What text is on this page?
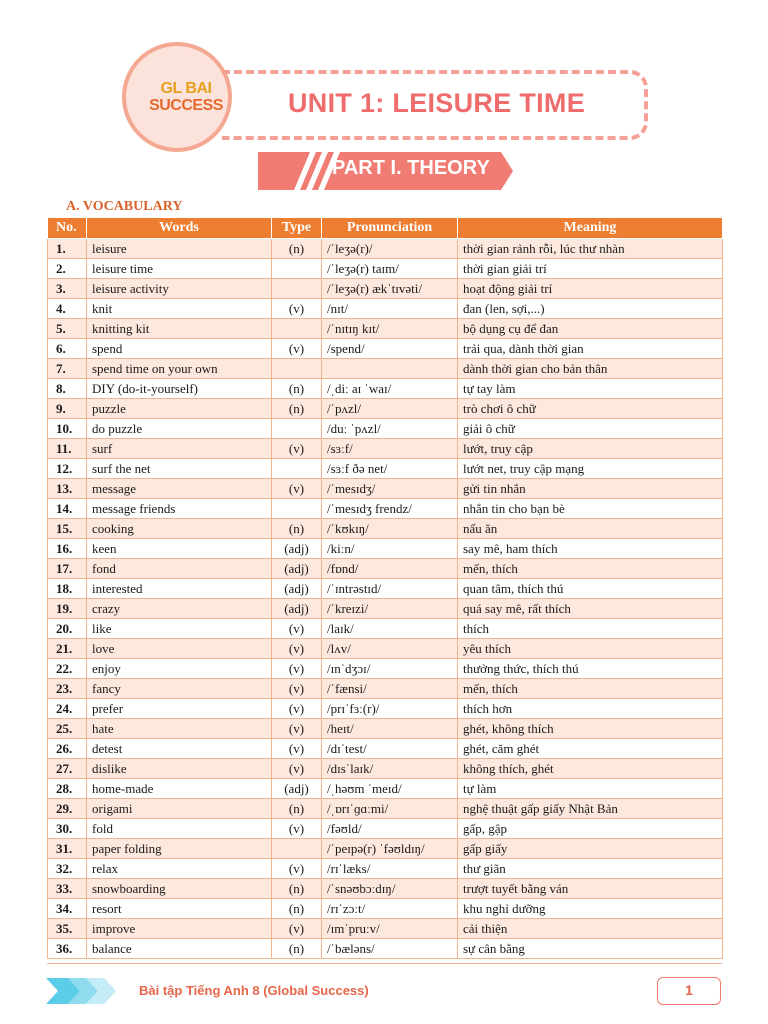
GL BAI
SUCCESS	UNIT 1: LEISURE TIME
PART I. THEORY
A. VOCABULARY
No.	Words	Type	Pronunciation	Meaning
1.	leisure	(n)	/ˈleʒə(r)/	thời gian rảnh rỗi, lúc thư nhàn
2.	leisure time		/ˈleʒə(r) taɪm/	thời gian giải trí
3.	leisure activity		/ˈleʒə(r) ækˈtɪvəti/	hoạt động giải trí
4.	knit	(v)	/nɪt/	đan (len, sợi,...)
5.	knitting kit		/ˈnɪtɪŋ kɪt/	bộ dụng cụ để đan
6.	spend	(v)	/spend/	trải qua, dành thời gian
7.	spend time on your own			dành thời gian cho bản thân
8.	DIY (do-it-yourself)	(n)	/ˌdiː aɪ ˈwaɪ/	tự tay làm
9.	puzzle	(n)	/ˈpʌzl/	trò chơi ô chữ
10.	do puzzle		/duː ˈpʌzl/	giải ô chữ
11.	surf	(v)	/sɜːf/	lướt, truy cập
12.	surf the net		/sɜːf ðə net/	lướt net, truy cập mạng
13.	message	(v)	/ˈmesɪdʒ/	gửi tin nhắn
14.	message friends		/ˈmesɪdʒ frendz/	nhắn tin cho bạn bè
15.	cooking	(n)	/ˈkʊkɪŋ/	nấu ăn
16.	keen	(adj)	/kiːn/	say mê, ham thích
17.	fond	(adj)	/fɒnd/	mến, thích
18.	interested	(adj)	/ˈɪntrəstɪd/	quan tâm, thích thú
19.	crazy	(adj)	/ˈkreɪzi/	quá say mê, rất thích
20.	like	(v)	/laɪk/	thích
21.	love	(v)	/lʌv/	yêu thích
22.	enjoy	(v)	/ɪnˈdʒɔɪ/	thưởng thức, thích thú
23.	fancy	(v)	/ˈfænsi/	mến, thích
24.	prefer	(v)	/prɪˈfɜː(r)/	thích hơn
25.	hate	(v)	/heɪt/	ghét, không thích
26.	detest	(v)	/dɪˈtest/	ghét, căm ghét
27.	dislike	(v)	/dɪsˈlaɪk/	không thích, ghét
28.	home-made	(adj)	/ˌhəʊm ˈmeɪd/	tự làm
29.	origami	(n)	/ˌɒrɪˈɡɑːmi/	nghệ thuật gấp giấy Nhật Bản
30.	fold	(v)	/fəʊld/	gấp, gập
31.	paper folding		/ˈpeɪpə(r) ˈfəʊldɪŋ/	gấp giấy
32.	relax	(v)	/rɪˈlæks/	thư giãn
33.	snowboarding	(n)	/ˈsnəʊbɔːdɪŋ/	trượt tuyết bằng ván
34.	resort	(n)	/rɪˈzɔːt/	khu nghỉ dưỡng
35.	improve	(v)	/ɪmˈpruːv/	cải thiện
36.	balance	(n)	/ˈbæləns/	sự cân bằng
Bài tập Tiếng Anh 8 (Global Success)	1
